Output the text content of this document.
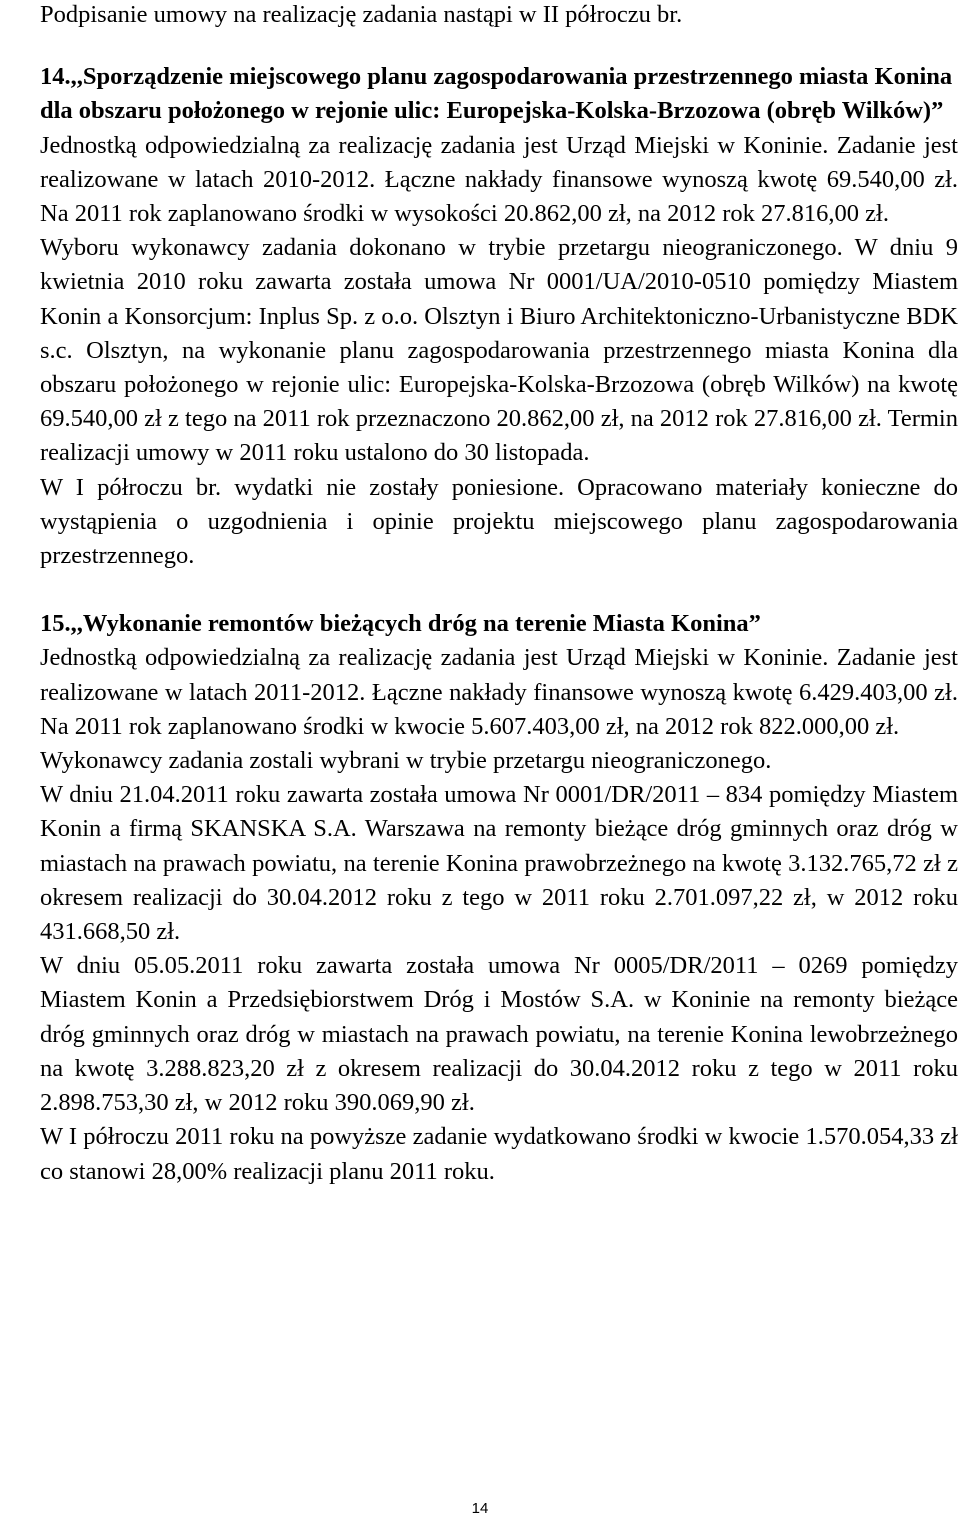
Podpisanie umowy na realizację zadania nastąpi w II półroczu br.

14.,,Sporządzenie miejscowego planu zagospodarowania przestrzennego miasta Konina dla obszaru położonego w rejonie ulic: Europejska-Kolska-Brzozowa (obręb Wilków)”

Jednostką odpowiedzialną za realizację zadania jest Urząd Miejski w Koninie. Zadanie jest realizowane w latach 2010-2012. Łączne nakłady finansowe wynoszą kwotę 69.540,00 zł. Na 2011 rok zaplanowano środki w wysokości 20.862,00 zł, na 2012 rok 27.816,00 zł.

Wyboru wykonawcy zadania dokonano w trybie przetargu nieograniczonego. W dniu 9 kwietnia 2010 roku zawarta została umowa Nr 0001/UA/2010-0510 pomiędzy Miastem Konin a Konsorcjum: Inplus Sp. z o.o. Olsztyn i Biuro Architektoniczno-Urbanistyczne BDK s.c. Olsztyn, na wykonanie planu zagospodarowania przestrzennego miasta Konina dla obszaru położonego w rejonie ulic: Europejska-Kolska-Brzozowa (obręb Wilków) na kwotę 69.540,00 zł z tego na 2011 rok przeznaczono 20.862,00 zł, na 2012 rok 27.816,00 zł. Termin realizacji umowy w 2011 roku ustalono do 30 listopada.

W I półroczu br. wydatki nie zostały poniesione. Opracowano materiały konieczne do wystąpienia o uzgodnienia i opinie projektu miejscowego planu zagospodarowania przestrzennego.

15.,,Wykonanie remontów bieżących dróg na terenie Miasta Konina”

Jednostką odpowiedzialną za realizację zadania jest Urząd Miejski w Koninie. Zadanie jest realizowane w latach 2011-2012. Łączne nakłady finansowe wynoszą kwotę 6.429.403,00 zł. Na 2011 rok zaplanowano środki w kwocie 5.607.403,00 zł, na 2012 rok 822.000,00 zł.

Wykonawcy zadania zostali wybrani w trybie przetargu nieograniczonego.

W dniu 21.04.2011 roku zawarta została umowa Nr 0001/DR/2011 – 834 pomiędzy Miastem Konin a firmą SKANSKA S.A. Warszawa na remonty bieżące dróg gminnych oraz dróg w miastach na prawach powiatu, na terenie Konina prawobrzeżnego na kwotę 3.132.765,72 zł z okresem realizacji do 30.04.2012 roku z tego w 2011 roku 2.701.097,22 zł, w 2012 roku 431.668,50 zł.

W dniu 05.05.2011 roku zawarta została umowa Nr 0005/DR/2011 – 0269 pomiędzy Miastem Konin a Przedsiębiorstwem Dróg i Mostów S.A. w Koninie na remonty bieżące dróg gminnych oraz dróg w miastach na prawach powiatu, na terenie Konina lewobrzeżnego na kwotę 3.288.823,20 zł z okresem realizacji do 30.04.2012 roku z tego w 2011 roku 2.898.753,30 zł, w 2012 roku 390.069,90 zł.

W I półroczu 2011 roku na powyższe zadanie wydatkowano środki w kwocie 1.570.054,33 zł co stanowi 28,00% realizacji planu 2011 roku.

14
